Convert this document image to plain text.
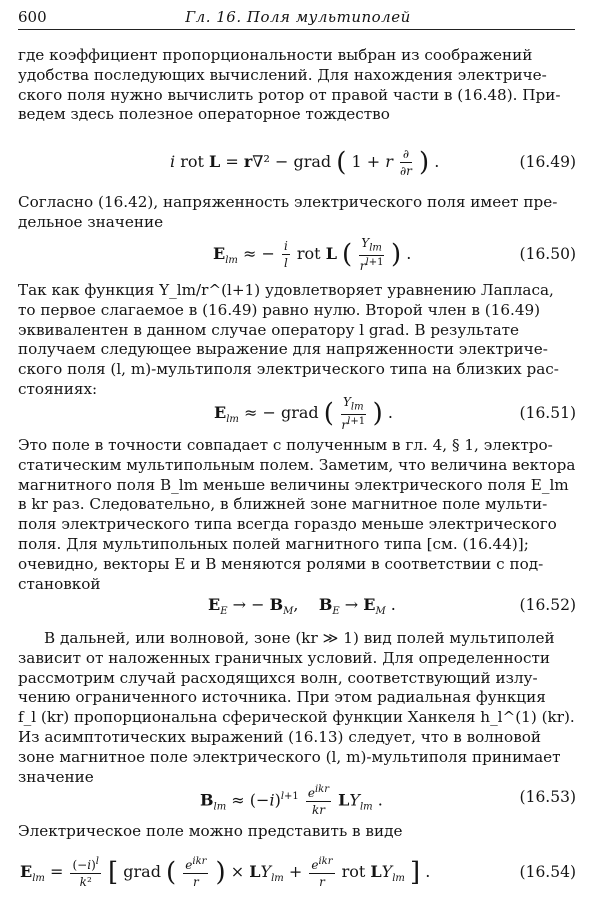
600	Гл. 16. Поля мультиполей
где коэффициент пропорциональности выбран из соображений
удобства последующих вычислений. Для нахождения электриче-
ского поля нужно вычислить ротор от правой части в (16.48). При-
ведем здесь полезное операторное тождество
i rot L = r∇² − grad ( 1 + r $\frac{\partial}{\partial r}$ ) .	(16.49)
Согласно (16.42), напряженность электрического поля имеет пре-
дельное значение
$E_{lm}$ ≈ − $\frac{i}{l}$ rot L ( $\frac{Y_{lm}}{r^{l+1}}$ ) .	(16.50)
Так как функция Y_lm/r^(l+1) удовлетворяет уравнению Лапласа,
то первое слагаемое в (16.49) равно нулю. Второй член в (16.49)
эквивалентен в данном случае оператору l grad. В результате
получаем следующее выражение для напряженности электриче-
ского поля (l, m)-мультиполя электрического типа на близких рас-
стояниях:
$E_{lm}$ ≈ − grad ( $\frac{Y_{lm}}{r^{l+1}}$ ) .	(16.51)
Это поле в точности совпадает с полученным в гл. 4, § 1, электро-
статическим мультипольным полем. Заметим, что величина вектора
магнитного поля B_lm меньше величины электрического поля E_lm
в kr раз. Следовательно, в ближней зоне магнитное поле мульти-
поля электрического типа всегда гораздо меньше электрического
поля. Для мультипольных полей магнитного типа [см. (16.44)];
очевидно, векторы E и B меняются ролями в соответствии с под-
становкой
$E_E$ → − $B_M$,    $B_E \to E_M$ .	(16.52)
В дальней, или волновой, зоне (kr ≫ 1) вид полей мультиполей
зависит от наложенных граничных условий. Для определенности
рассмотрим случай расходящихся волн, соответствующий излу-
чению ограниченного источника. При этом радиальная функция
f_l (kr) пропорциональна сферической функции Ханкеля h_l^(1) (kr).
Из асимптотических выражений (16.13) следует, что в волновой
зоне магнитное поле электрического (l, m)-мультиполя принимает
значение
$B_{lm} \approx (-i)^{l+1} \frac{e^{ikr}}{kr} LY_{lm}$ .	(16.53)
Электрическое поле можно представить в виде
$E_{lm} = \frac{(-i)^l}{\text{k²}}$ [ grad ( $\frac{e^{ikr}}{r}$ ) × $LY_{lm} + \frac{e^{ikr}}{r}$ rot $LY_{lm}$ ] .	(16.54)
